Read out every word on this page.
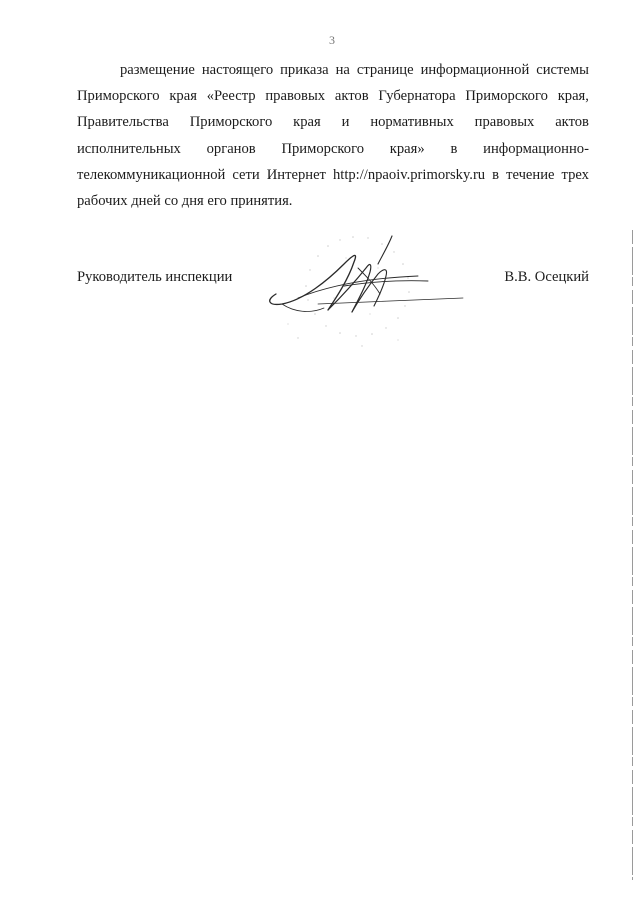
3
размещение настоящего приказа на странице информационной системы
Приморского края «Реестр правовых актов Губернатора Приморского края,
Правительства Приморского края и нормативных правовых актов
исполнительных органов Приморского края» в информационно-
телекоммуникационной сети Интернет http://npaoiv.primorsky.ru в течение трех
рабочих дней со дня его принятия.
Руководитель инспекции	В.В. Осецкий
